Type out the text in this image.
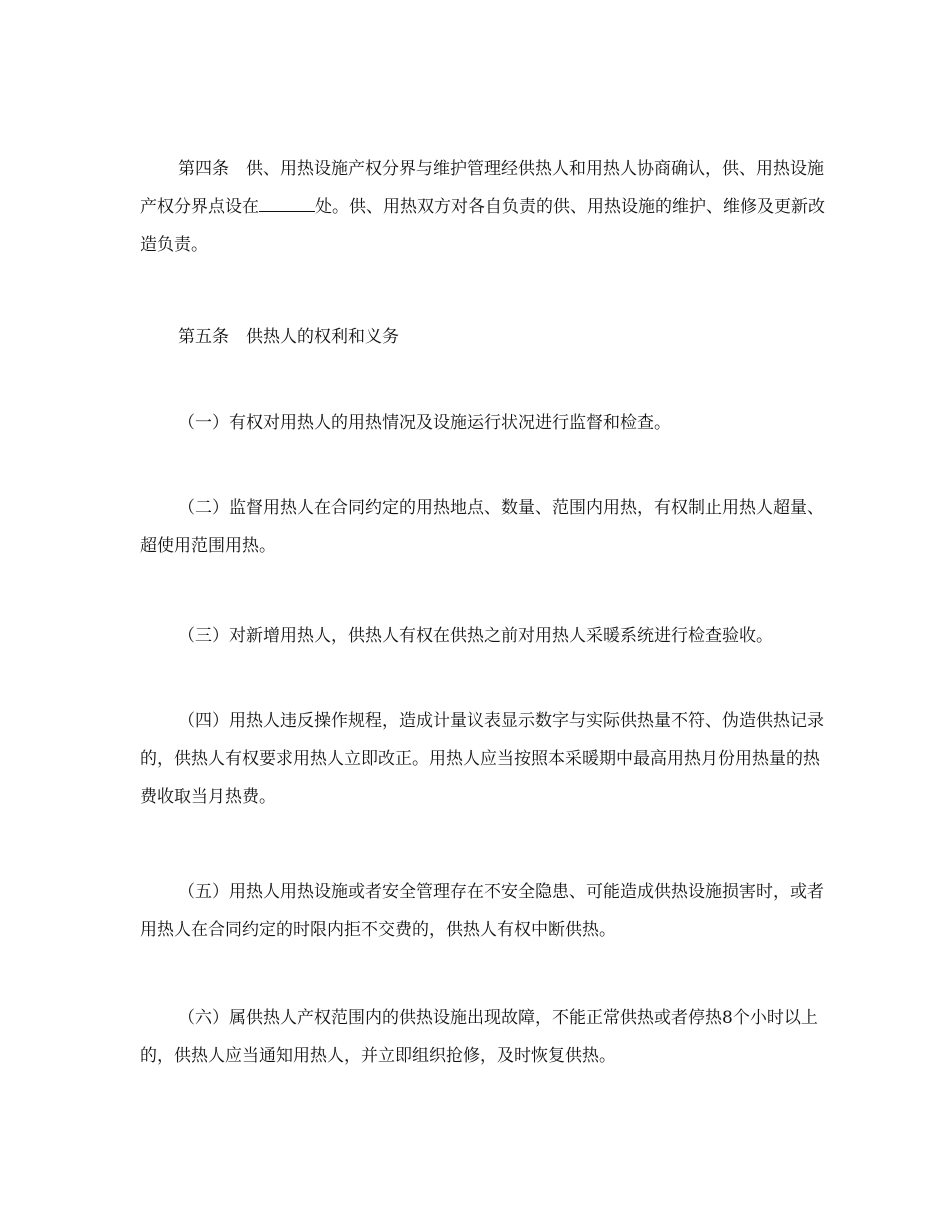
第四条　供、用热设施产权分界与维护管理经供热人和用热人协商确认，供、用热设施产权分界点设在	处。供、用热双方对各自负责的供、用热设施的维护、维修及更新改造负责。

第五条　供热人的权利和义务

（一）有权对用热人的用热情况及设施运行状况进行监督和检查。

（二）监督用热人在合同约定的用热地点、数量、范围内用热，有权制止用热人超量、超使用范围用热。

（三）对新增用热人，供热人有权在供热之前对用热人采暖系统进行检查验收。

（四）用热人违反操作规程，造成计量议表显示数字与实际供热量不符、伪造供热记录的，供热人有权要求用热人立即改正。用热人应当按照本采暖期中最高用热月份用热量的热费收取当月热费。

（五）用热人用热设施或者安全管理存在不安全隐患、可能造成供热设施损害时，或者用热人在合同约定的时限内拒不交费的，供热人有权中断供热。

（六）属供热人产权范围内的供热设施出现故障，不能正常供热或者停热8个小时以上的，供热人应当通知用热人，并立即组织抢修，及时恢复供热。
